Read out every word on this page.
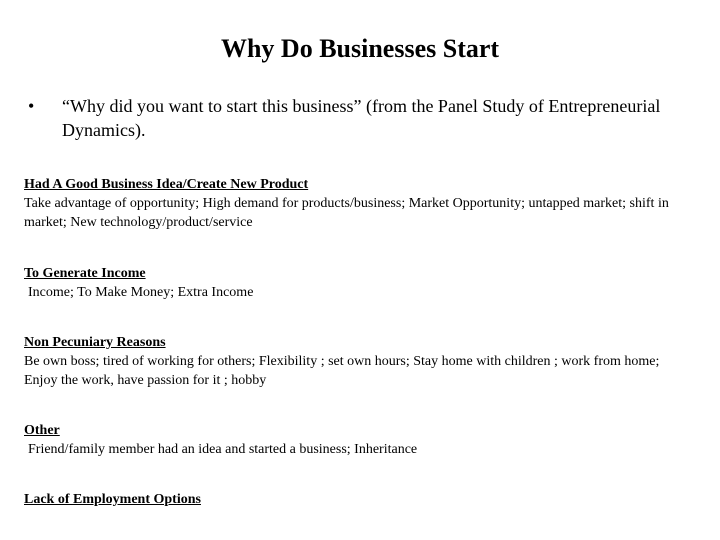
Why Do Businesses Start
• “Why did you want to start this business” (from the Panel Study of Entrepreneurial Dynamics).
Had A Good Business Idea/Create New Product
Take advantage of opportunity; High demand for products/business; Market Opportunity; untapped market; shift in market; New technology/product/service
To Generate Income
Income; To Make Money; Extra Income
Non Pecuniary Reasons
Be own boss; tired of working for others; Flexibility ; set own hours; Stay home with children ; work from home; Enjoy the work, have passion for it ; hobby
Other
Friend/family member had an idea and started a business; Inheritance
Lack of Employment Options
